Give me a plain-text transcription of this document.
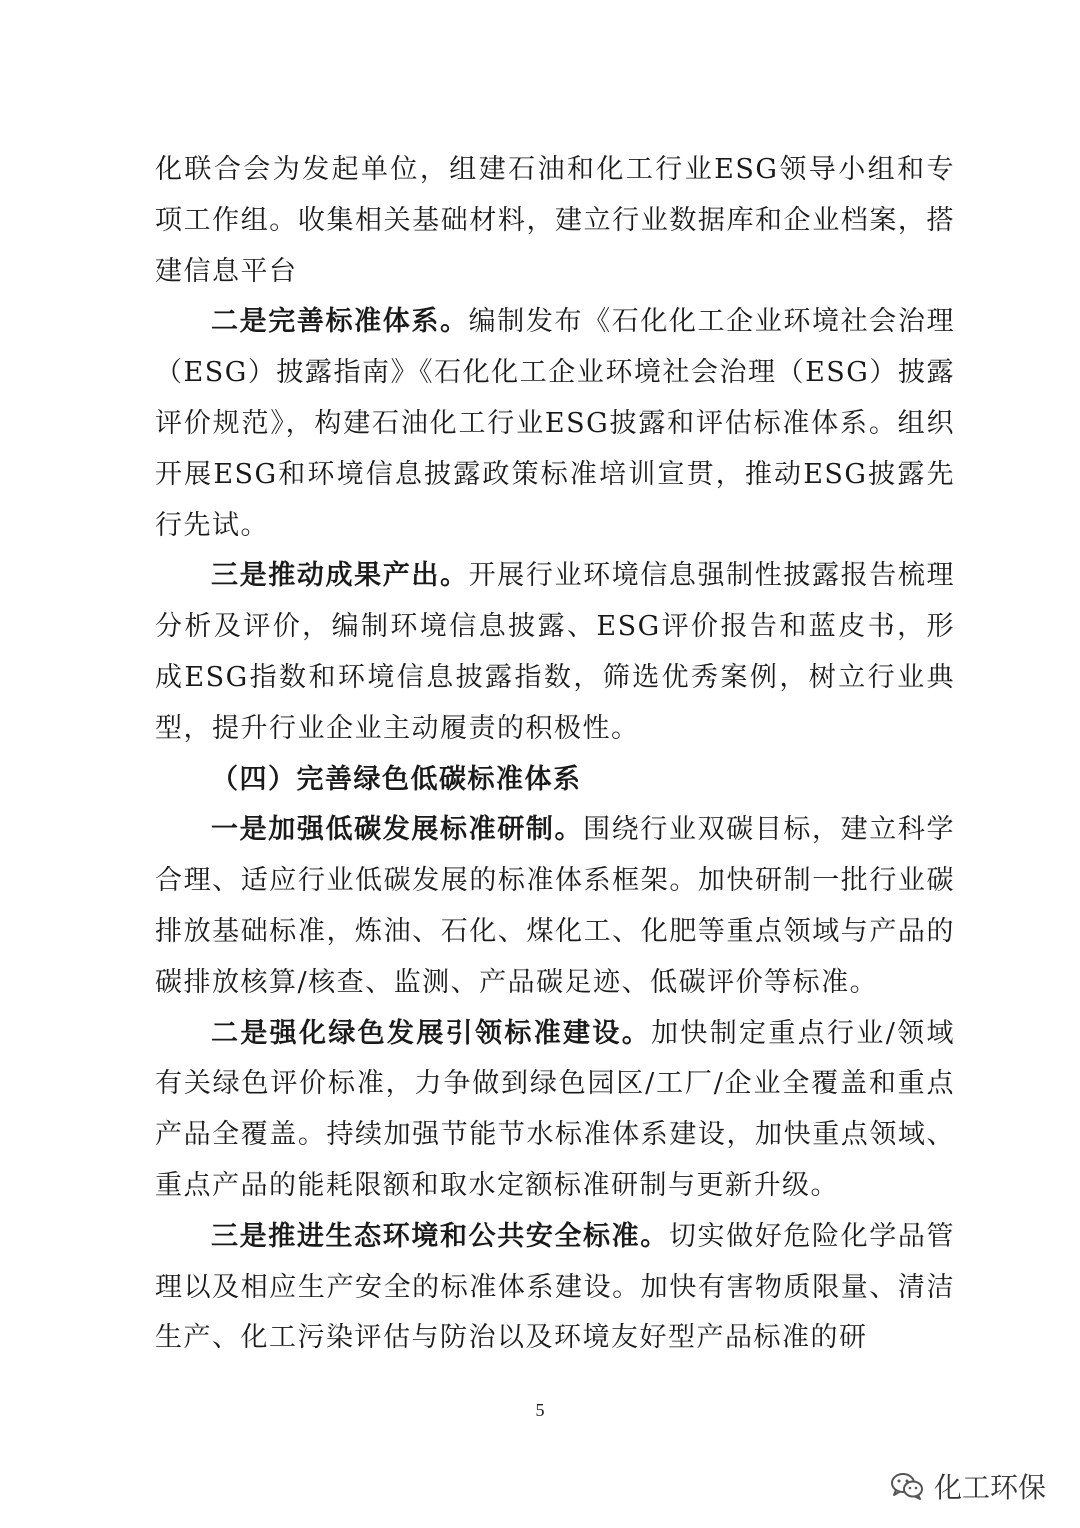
化联合会为发起单位，组建石油和化工行业ESG领导小组和专项工作组。收集相关基础材料，建立行业数据库和企业档案，搭建信息平台

二是完善标准体系。编制发布《石化化工企业环境社会治理（ESG）披露指南》《石化化工企业环境社会治理（ESG）披露评价规范》，构建石油化工行业ESG披露和评估标准体系。组织开展ESG和环境信息披露政策标准培训宣贯，推动ESG披露先行先试。

三是推动成果产出。开展行业环境信息强制性披露报告梳理分析及评价，编制环境信息披露、ESG评价报告和蓝皮书，形成ESG指数和环境信息披露指数，筛选优秀案例，树立行业典型，提升行业企业主动履责的积极性。

（四）完善绿色低碳标准体系

一是加强低碳发展标准研制。围绕行业双碳目标，建立科学合理、适应行业低碳发展的标准体系框架。加快研制一批行业碳排放基础标准，炼油、石化、煤化工、化肥等重点领域与产品的碳排放核算/核查、监测、产品碳足迹、低碳评价等标准。

二是强化绿色发展引领标准建设。加快制定重点行业/领域有关绿色评价标准，力争做到绿色园区/工厂/企业全覆盖和重点产品全覆盖。持续加强节能节水标准体系建设，加快重点领域、重点产品的能耗限额和取水定额标准研制与更新升级。

三是推进生态环境和公共安全标准。切实做好危险化学品管理以及相应生产安全的标准体系建设。加快有害物质限量、清洁生产、化工污染评估与防治以及环境友好型产品标准的研

5
化工环保
